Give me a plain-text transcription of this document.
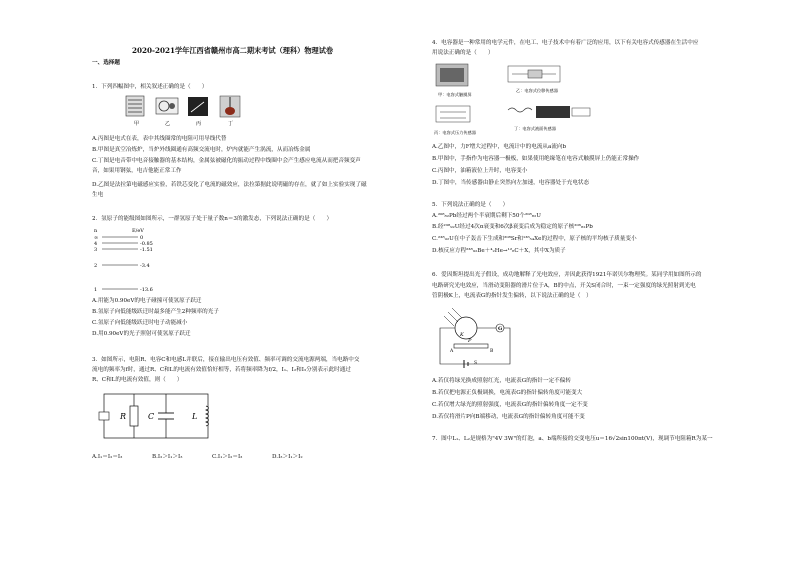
2020-2021学年江西省赣州市高二期末考试（理科）物理试卷
一、选择题
1．下列四幅图中，相关叙述正确的是（　　）
甲	乙	丙	丁
A.丙图是电式在表，表中其线圈常的电阻可用导线代替
B.甲图是真空冶炼炉，当炉外线圈通有高频交流电时，炉内就能产生涡流，从而冶炼金属
C.丁图是电音带中电音接触器的基本结构，金属弦被磁化的振动过程中线圈中会产生感应电流从而把音频变声
音，如果用钢弦，电吉他能正常工作
D.乙图是法拉第电磁感应实验，若铁芯变化了电流的磁效应，法拉第据此说明磁的存在，就了如上实验实现了磁
生电
2．氢原子的能级图如图所示，一群氢原子处于量子数n＝3的激发态，下列说法正确的是（　　）
n	E/eV
∞	0
4	-0.85
3	-1.51
2	-3.4
1	-13.6
A.用能为0.90eV的电子碰撞可使氢原子跃迁
B.氢原子向低能级跃迁时最多能产生2种频率的光子
C.氢原子向低能级跃迁时电子动能减小
D.用0.90eV的光子照射可使氢原子跃迁
3．如图所示，电阻R、电容C和电感L并联后，接在输出电压有效值、频率可调的交流电源两端，当电路中交
流电的频率为f时，通过R、C和L的电流有效值恰好相等，若将频率降为f/2，I₁、I₂和I₃分别表示此时通过
R、C和L的电流有效值，则（　　）
R	C	L
A.I₁＝I₂＝I₃	B.I₂＞I₁＞I₃	C.I₁＞I₂＝I₃	D.I₃＞I₁＞I₂
4．电容器是一种常用的电学元件，在电工、电子技术中有着广泛的应用，以下有关电容式传感器在生活中应
用说法正确的是（　　）
甲：电容式触摸屏
乙：电容式位移传感器
丙：电容式压力传感器
丁：电容式液面传感器
A.乙图中，力F增大过程中，电流计中的电流从a流向b
B.甲图中，手指作为电容器一极板，如果使用绝缘笔在电容式触摸屏上仍能正常操作
C.丙图中，油箱液位上升时，电容变小
D.丁图中，当传感器由静止突然向左加速，电容器处于充电状态
5．下列说法正确的是（　　）
A.²⁰⁸₈₂Pb经过两个半衰期后剩下50个²⁰⁸₈₂U
B.经²³⁸₉₂U经过4次α衰变和6次β衰变后成为稳定的原子核²⁰⁶₈₂Pb
C.²³⁸₉₂U在中子轰击下生成和²⁰⁸Sr和¹³⁶₅₄Xe的过程中，原子核的平均核子质量变小
D.核反应方程²³⁸₉₂Be＋⁴₂He→¹²₆C＋X，其中X为质子
6．爱因斯坦提出光子假设，成功地解释了光电效应，并因此获得1921年诺贝尔物理奖。某同学用如图所示的
电路研究光电效应，当滑动变阻器的滑片位于A，B的中点，开关S闭合时，一束一定强度的绿光照射到光电
管阴极K上，电流表G的指针发生偏转，以下说法正确的是（　）
K
G
P
A	B
S
A.若仅将绿光换成照射红光，电流表G的指针一定不偏转
B.若仅把电源正负极调换，电流表G的指针偏转角度可能变大
C.若仅增大绿光的照射强度，电流表G的指针偏转角度一定不变
D.若仅将滑片P向B端移动，电流表G的指针偏转角度可能不变
7．图中L₁、L₂是规格为"4V 3W"的灯泡，a、b端所接的交变电压u＝16√2sin100πt(V)，现调节电阻箱R为某一
